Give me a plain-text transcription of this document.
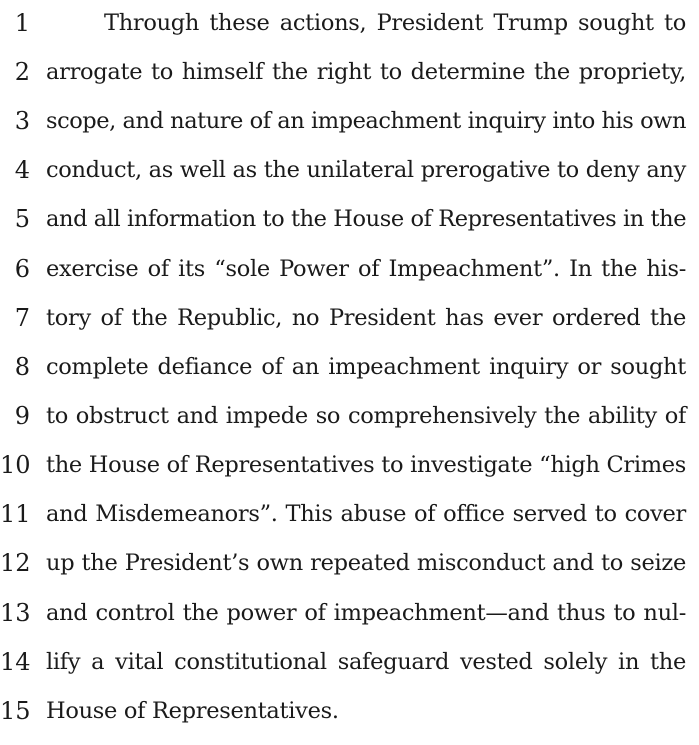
1	Through these actions, President Trump sought to
2 arrogate to himself the right to determine the propriety,
3 scope, and nature of an impeachment inquiry into his own
4 conduct, as well as the unilateral prerogative to deny any
5 and all information to the House of Representatives in the
6 exercise of its “sole Power of Impeachment”. In the his-
7 tory of the Republic, no President has ever ordered the
8 complete defiance of an impeachment inquiry or sought
9 to obstruct and impede so comprehensively the ability of
10 the House of Representatives to investigate “high Crimes
11 and Misdemeanors”. This abuse of office served to cover
12 up the President’s own repeated misconduct and to seize
13 and control the power of impeachment—and thus to nul-
14 lify a vital constitutional safeguard vested solely in the
15 House of Representatives.
